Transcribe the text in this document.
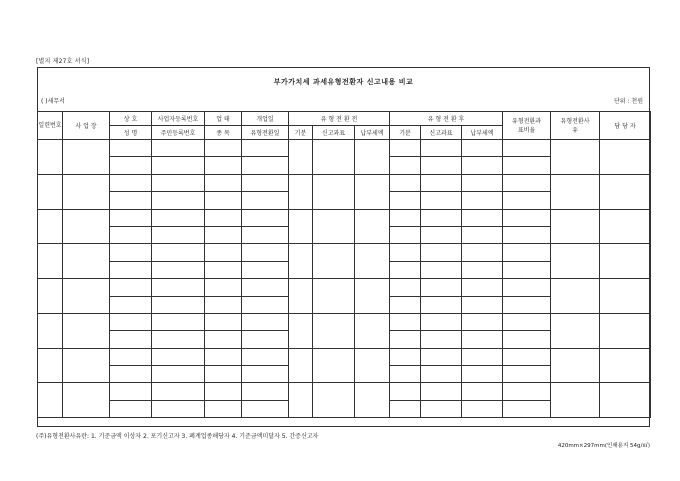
[별지 제27호 서식]
부가가치세 과세유형전환자 신고내용 비교
( )세무서	단위 : 천원
일련번호	사 업 장	상 호	사업자등록번호	업 태	개업일	유 형 전 환 전			유 형 전 환 후			유형전환과표비율	유형전환사 유	담 당 자
		성 명	주민등록번호	종 목	유형전환일	기분	신고과표	납부세액	기분	신고과표	납부세액			

(주)유형전환사유란: 1. 기준금액 이상자 2. 포기신고자 3. 폐계업종해당자 4. 기준금액미달자 5. 간증신고자
420mm×297mm(인쇄용지 54g/㎡)
